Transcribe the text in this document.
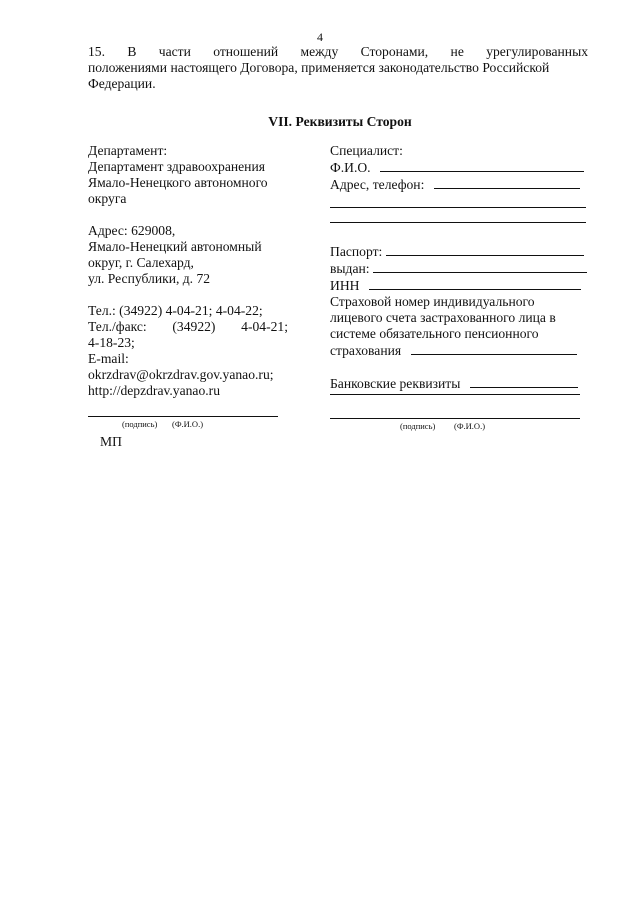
4
15. В части отношений между Сторонами, не урегулированных
положениями настоящего Договора, применяется законодательство Российской
Федерации.
VII. Реквизиты Сторон
Департамент:
Департамент здравоохранения
Ямало-Ненецкого автономного
округа
Адрес: 629008,
Ямало-Ненецкий автономный
округ, г. Салехард,
ул. Республики, д. 72
Тел.: (34922) 4-04-21; 4-04-22;
Тел./факс: (34922) 4-04-21;
4-18-23;
E-mail:
okrzdrav@okrzdrav.gov.yanao.ru;
http://depzdrav.yanao.ru
Специалист:
Ф.И.О.
Адрес, телефон:
Паспорт:
выдан:
ИНН
Страховой номер индивидуального
лицевого счета застрахованного лица в
системе обязательного пенсионного
страхования
Банковские реквизиты
(подпись) (Ф.И.О.)	(подпись) (Ф.И.О.)
МП
